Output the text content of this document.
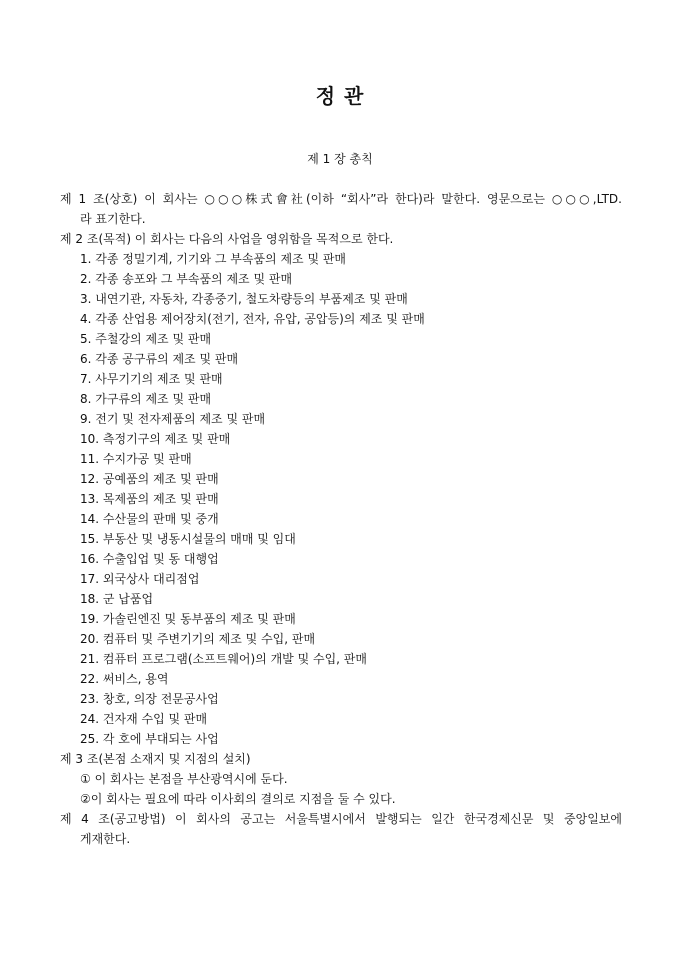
정 관
제 1 장 총칙
제 1 조(상호) 이 회사는 ○○○株式會社(이하 “회사”라 한다)라 말한다. 영문으로는 ○○○,LTD.
라 표기한다.
제 2 조(목적) 이 회사는 다음의 사업을 영위함을 목적으로 한다.
1. 각종 정밀기계, 기기와 그 부속품의 제조 및 판매
2. 각종 송포와 그 부속품의 제조 및 판매
3. 내연기관, 자동차, 각종중기, 철도차량등의 부품제조 및 판매
4. 각종 산업용 제어장치(전기, 전자, 유압, 공압등)의 제조 및 판매
5. 주철강의 제조 및 판매
6. 각종 공구류의 제조 및 판매
7. 사무기기의 제조 및 판매
8. 가구류의 제조 및 판매
9. 전기 및 전자제품의 제조 및 판매
10. 측정기구의 제조 및 판매
11. 수지가공 및 판매
12. 공예품의 제조 및 판매
13. 목제품의 제조 및 판매
14. 수산물의 판매 및 중개
15. 부동산 및 냉동시설물의 매매 및 임대
16. 수출입업 및 동 대행업
17. 외국상사 대리점업
18. 군 납품업
19. 가솔린엔진 및 동부품의 제조 및 판매
20. 컴퓨터 및 주변기기의 제조 및 수입, 판매
21. 컴퓨터 프로그램(소프트웨어)의 개발 및 수입, 판매
22. 써비스, 용역
23. 창호, 의장 전문공사업
24. 건자재 수입 및 판매
25. 각 호에 부대되는 사업
제 3 조(본점 소재지 및 지점의 설치)
① 이 회사는 본점을 부산광역시에 둔다.
②이 회사는 필요에 따라 이사회의 결의로 지점을 둘 수 있다.
제 4 조(공고방법) 이 회사의 공고는 서울특별시에서 발행되는 일간 한국경제신문 및 중앙일보에
게재한다.
